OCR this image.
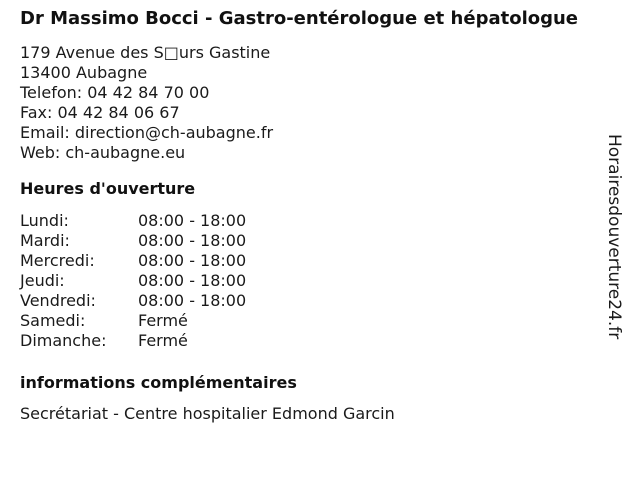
Dr Massimo Bocci - Gastro-entérologue et hépatologue
179 Avenue des S□urs Gastine
13400 Aubagne
Telefon: 04 42 84 70 00
Fax: 04 42 84 06 67
Email: direction@ch-aubagne.fr
Web: ch-aubagne.eu
Heures d'ouverture
Lundi:	08:00 - 18:00
Mardi:	08:00 - 18:00
Mercredi:	08:00 - 18:00
Jeudi:	08:00 - 18:00
Vendredi:	08:00 - 18:00
Samedi:	Fermé
Dimanche:	Fermé
informations complémentaires
Secrétariat - Centre hospitalier Edmond Garcin
Horairesdouverture24.fr
